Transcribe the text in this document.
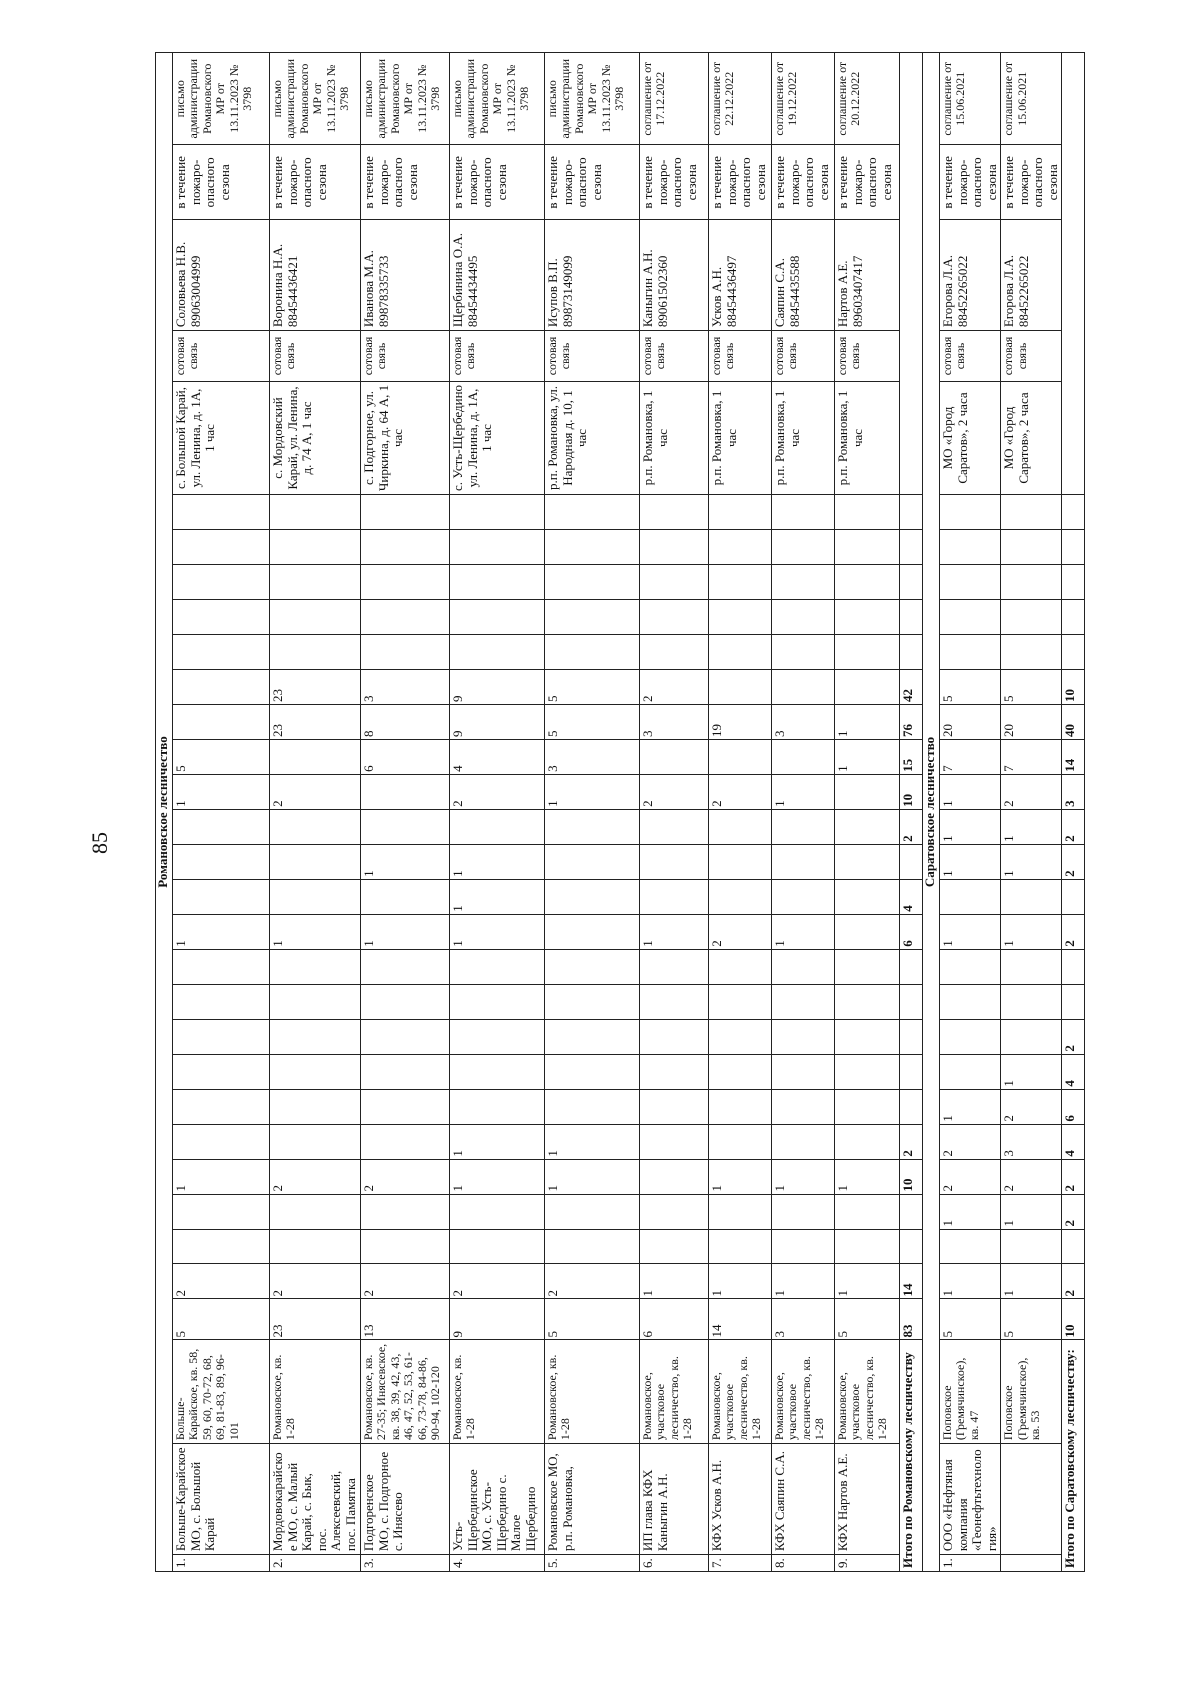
85	Романовское лесничество																															
1.	Больше-Карайское МО, с. Большой Карай	Больше-Карайское, кв. 58, 59, 60, 70-72, 68, 69, 81-83, 89, 96-101	5	2			1							1				1	5								с. Большой Карай, ул. Ленина, д. 1А, 1 час	сотовая связь	Соловьева Н.В. 89063004999	в течение пожаро-опасного сезона	письмо администрации Романовского МР от 13.11.2023 № 3798
2.	Мордовокарайское МО, с. Малый Карай, с. Бык, пос. Алексеевский, пос. Памятка	Романовское, кв. 1-28	23	2			2							1				2		23	23						с. Мордовский Карай, ул. Ленина, д. 74 А, 1 час	сотовая связь	Воронина Н.А. 88454436421	в течение пожаро-опасного сезона	письмо администрации Романовского МР от 13.11.2023 № 3798
3.	Подгоренское МО, с. Подгорное с. Инясево	Романовское, кв. 27-35; Инясевское, кв. 38, 39, 42, 43, 46, 47, 52, 53, 61-66, 73-78, 84-86, 90-94, 102-120	13	2			2							1		1			6	8	3						с. Подгорное, ул. Чиркина, д. 64 А, 1 час	сотовая связь	Иванова М.А. 89878335733	в течение пожаро-опасного сезона	письмо администрации Романовского МР от 13.11.2023 № 3798
4.	Усть-Щербединское МО, с. Усть-Щербедино с. Малое Щербедино	Романовское, кв. 1-28	9	2			1	1						1	1	1		2	4	9	9						с. Усть-Щербедино ул. Ленина, д. 1А, 1 час	сотовая связь	Щербинина О.А. 88454434495	в течение пожаро-опасного сезона	письмо администрации Романовского МР от 13.11.2023 № 3798
5.	Романовское МО, р.п. Романовка,	Романовское, кв. 1-28	5	2			1	1										1	3	5	5						р.п. Романовка, ул. Народная д. 10, 1 час	сотовая связь	Исупов В.П. 89873149099	в течение пожаро-опасного сезона	письмо администрации Романовского МР от 13.11.2023 № 3798
6.	ИП глава КФХ Каныгин А.Н.	Романовское, участковое лесничество, кв. 1-28	6	1										1				2		3	2						р.п. Романовка, 1 час	сотовая связь	Каныгин А.Н. 89061502360	в течение пожаро-опасного сезона	соглашение от 17.12.2022
7.	КФХ Усков А.Н.	Романовское, участковое лесничество, кв. 1-28	14	1			1							2				2		19							р.п. Романовка, 1 час	сотовая связь	Усков А.Н. 88454436497	в течение пожаро-опасного сезона	соглашение от 22.12.2022
8.	КФХ Саяпин С.А.	Романовское, участковое лесничество, кв. 1-28	3	1			1							1				1		3							р.п. Романовка, 1 час	сотовая связь	Саяпин С.А. 88454435588	в течение пожаро-опасного сезона	соглашение от 19.12.2022
9.	КФХ Нартов А.Е.	Романовское, участковое лесничество, кв. 1-28	5	1			1												1	1							р.п. Романовка, 1 час	сотовая связь	Нартов А.Е. 89603407417	в течение пожаро-опасного сезона	соглашение от 20.12.2022
Итого по Романовскому лесничеству			83	14			10	2						6	4		2	10	15	76	42										
Саратовское лесничество																															
1.	ООО «Нефтяная компания «Геонефтьтехнология»	Поповское (Гремячинское), кв. 47	5	1		1	2	2	1					1		1	1	1	7	20	5						МО «Город Саратов», 2 часа	сотовая связь	Егорова Л.А. 88452265022	в течение пожаро-опасного сезона	соглашение от 15.06.2021
		Поповское (Гремячинское), кв. 53	5	1		1	2	3	2	1				1		1	1	2	7	20	5						МО «Город Саратов», 2 часа	сотовая связь	Егорова Л.А. 88452265022	в течение пожаро-опасного сезона	соглашение от 15.06.2021
Итого по Саратовскому лесничеству:			10	2		2	2	4	6	4	2			2		2	2	3	14	40	10										
